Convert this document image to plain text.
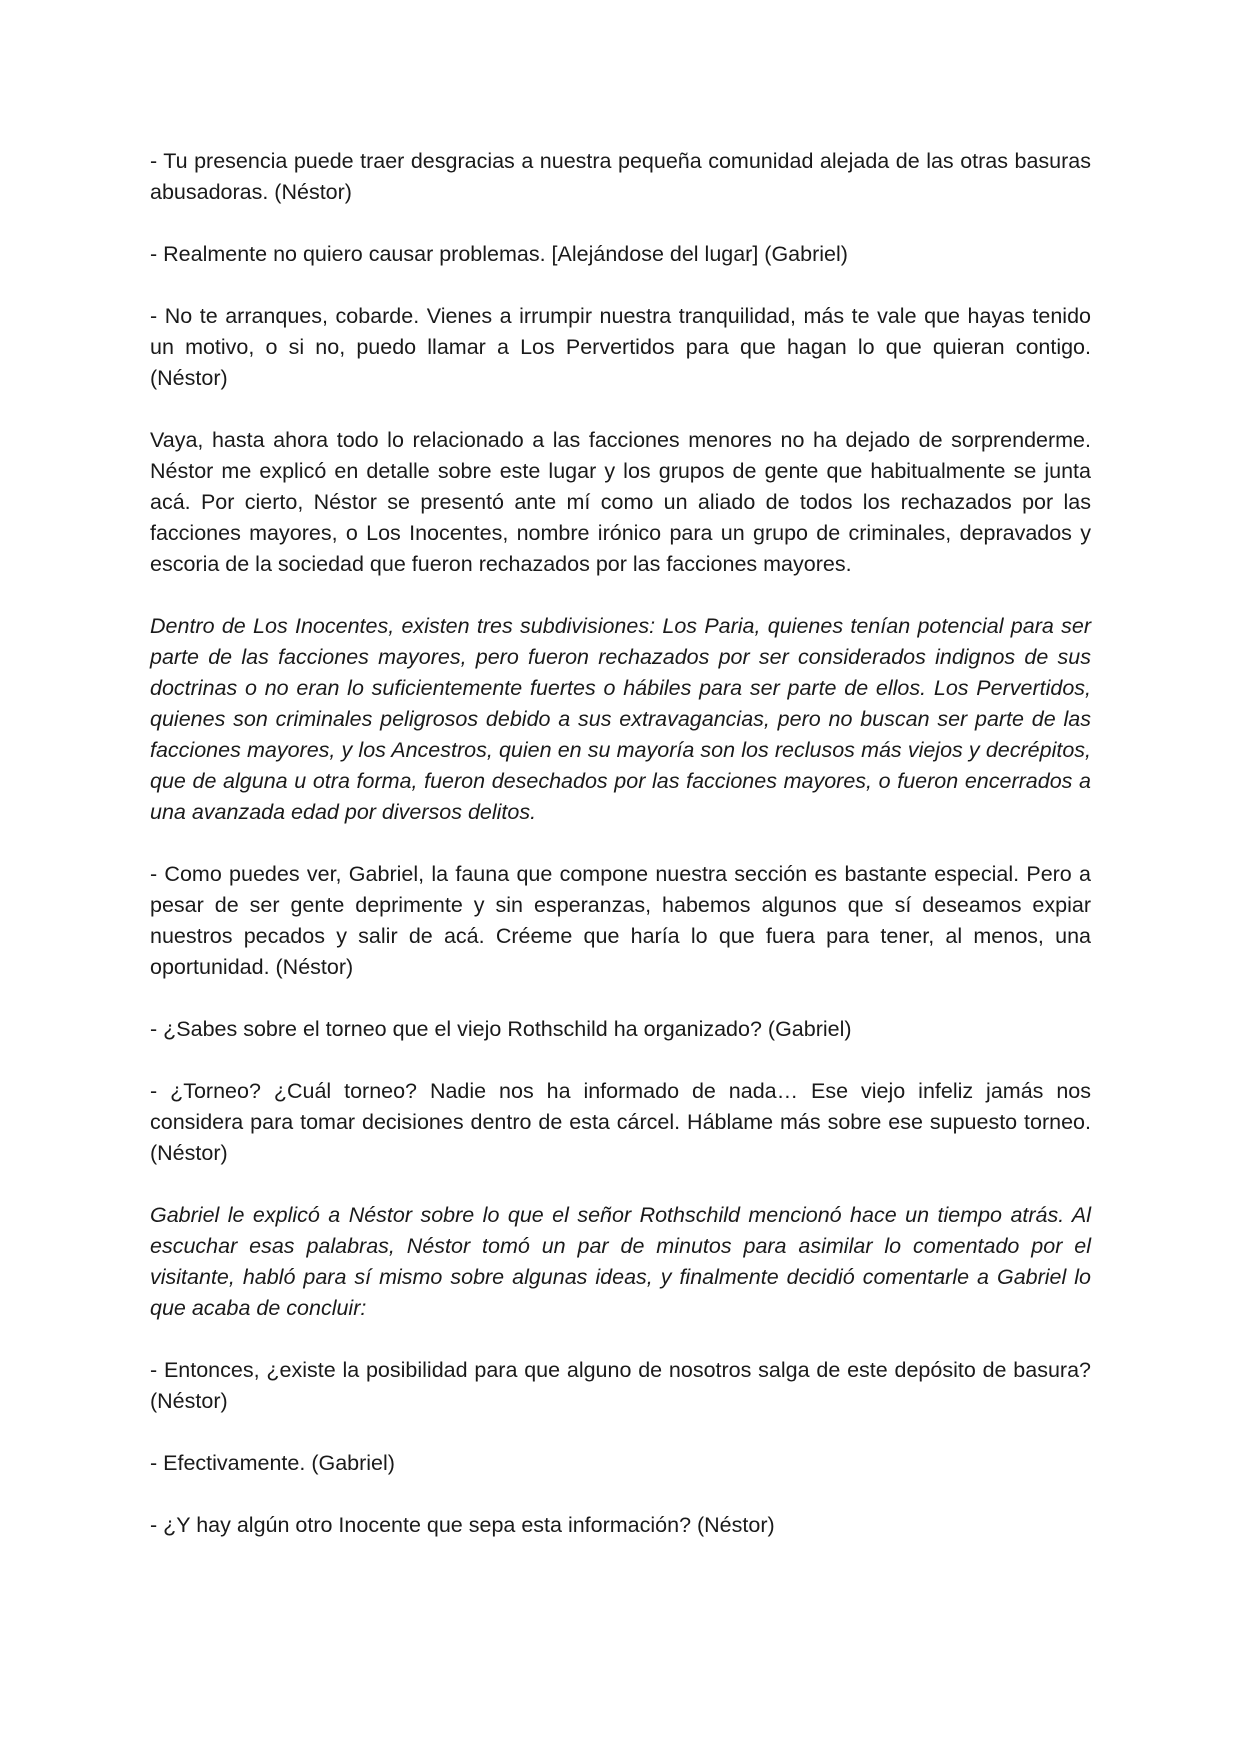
- Tu presencia puede traer desgracias a nuestra pequeña comunidad alejada de las otras basuras abusadoras. (Néstor)

- Realmente no quiero causar problemas. [Alejándose del lugar] (Gabriel)

- No te arranques, cobarde. Vienes a irrumpir nuestra tranquilidad, más te vale que hayas tenido un motivo, o si no, puedo llamar a Los Pervertidos para que hagan lo que quieran contigo. (Néstor)

Vaya, hasta ahora todo lo relacionado a las facciones menores no ha dejado de sorprenderme. Néstor me explicó en detalle sobre este lugar y los grupos de gente que habitualmente se junta acá. Por cierto, Néstor se presentó ante mí como un aliado de todos los rechazados por las facciones mayores, o Los Inocentes, nombre irónico para un grupo de criminales, depravados y escoria de la sociedad que fueron rechazados por las facciones mayores.

Dentro de Los Inocentes, existen tres subdivisiones: Los Paria, quienes tenían potencial para ser parte de las facciones mayores, pero fueron rechazados por ser considerados indignos de sus doctrinas o no eran lo suficientemente fuertes o hábiles para ser parte de ellos. Los Pervertidos, quienes son criminales peligrosos debido a sus extravagancias, pero no buscan ser parte de las facciones mayores, y los Ancestros, quien en su mayoría son los reclusos más viejos y decrépitos, que de alguna u otra forma, fueron desechados por las facciones mayores, o fueron encerrados a una avanzada edad por diversos delitos.

- Como puedes ver, Gabriel, la fauna que compone nuestra sección es bastante especial. Pero a pesar de ser gente deprimente y sin esperanzas, habemos algunos que sí deseamos expiar nuestros pecados y salir de acá. Créeme que haría lo que fuera para tener, al menos, una oportunidad. (Néstor)

- ¿Sabes sobre el torneo que el viejo Rothschild ha organizado? (Gabriel)

- ¿Torneo? ¿Cuál torneo? Nadie nos ha informado de nada… Ese viejo infeliz jamás nos considera para tomar decisiones dentro de esta cárcel. Háblame más sobre ese supuesto torneo. (Néstor)

Gabriel le explicó a Néstor sobre lo que el señor Rothschild mencionó hace un tiempo atrás. Al escuchar esas palabras, Néstor tomó un par de minutos para asimilar lo comentado por el visitante, habló para sí mismo sobre algunas ideas, y finalmente decidió comentarle a Gabriel lo que acaba de concluir:

- Entonces, ¿existe la posibilidad para que alguno de nosotros salga de este depósito de basura? (Néstor)

- Efectivamente. (Gabriel)

- ¿Y hay algún otro Inocente que sepa esta información? (Néstor)
